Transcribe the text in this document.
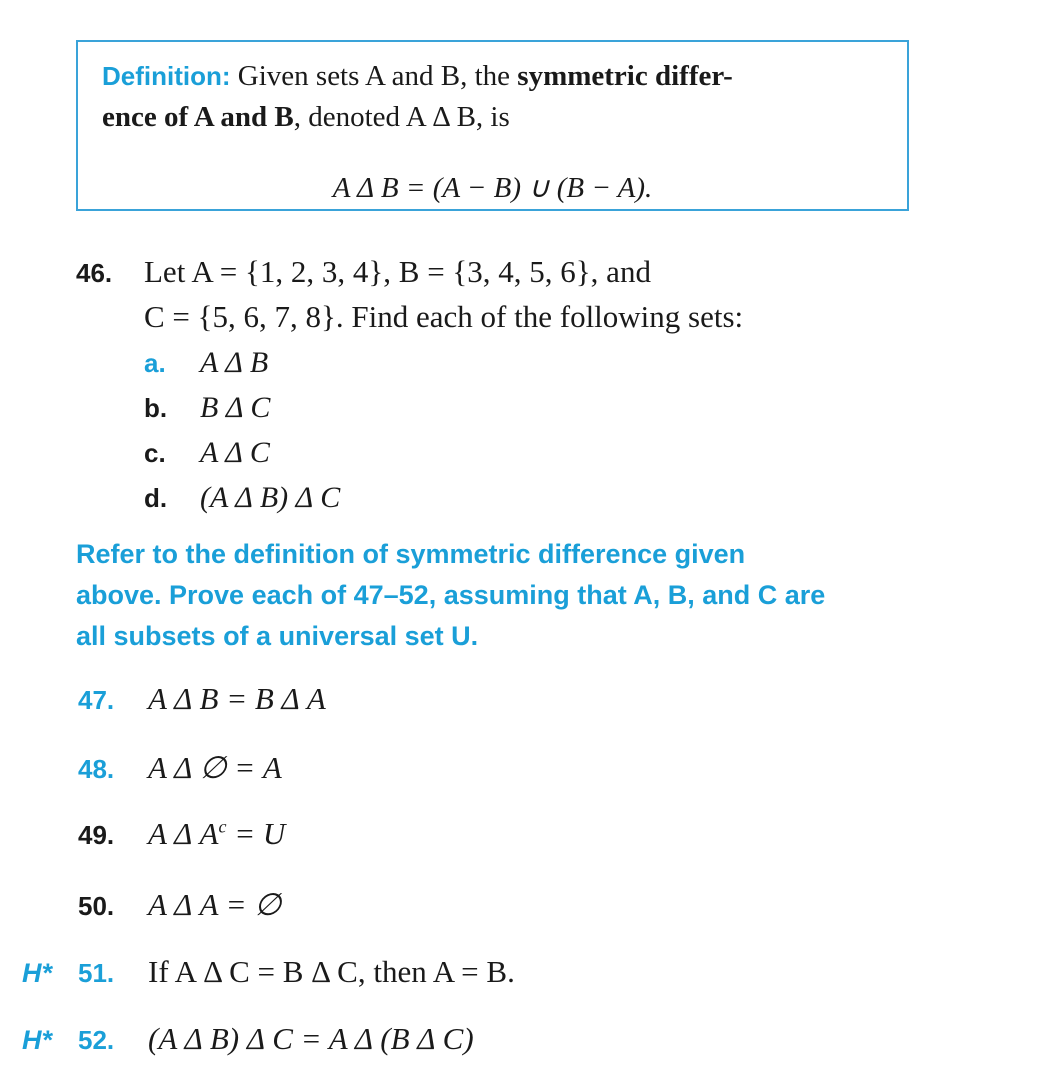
Definition: Given sets A and B, the symmetric differ-
ence of A and B, denoted A Δ B, is
A Δ B = (A − B) ∪ (B − A).
46. Let A = {1, 2, 3, 4}, B = {3, 4, 5, 6}, and
C = {5, 6, 7, 8}. Find each of the following sets:
a. A Δ B
b. B Δ C
c. A Δ C
d. (A Δ B) Δ C
Refer to the definition of symmetric difference given
above. Prove each of 47–52, assuming that A, B, and C are
all subsets of a universal set U.
47. A Δ B = B Δ A
48. A Δ ∅ = A
49. A Δ $A^c = U$
50. A Δ A = ∅
H* 51. If A Δ C = B Δ C, then A = B.
H* 52. (A Δ B) Δ C = A Δ (B Δ C)
